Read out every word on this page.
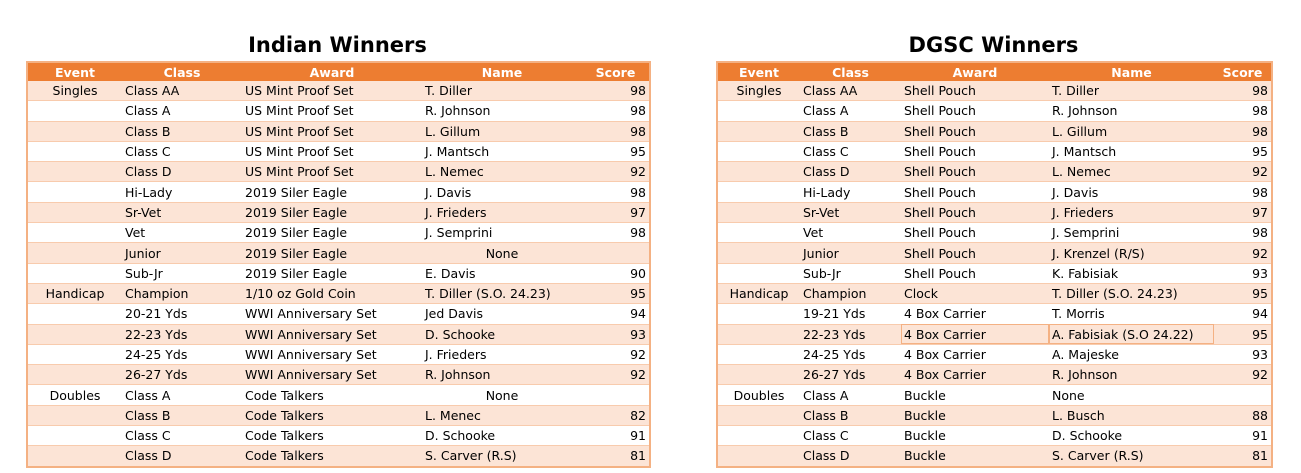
Indian Winners
Event	Class	Award	Name	Score
Singles	Class AA	US Mint Proof Set	T. Diller	98
	Class A	US Mint Proof Set	R. Johnson	98
	Class B	US Mint Proof Set	L. Gillum	98
	Class C	US Mint Proof Set	J. Mantsch	95
	Class D	US Mint Proof Set	L. Nemec	92
	Hi-Lady	2019 Siler Eagle	J. Davis	98
	Sr-Vet	2019 Siler Eagle	J. Frieders	97
	Vet	2019 Siler Eagle	J. Semprini	98
	Junior	2019 Siler Eagle	None	
	Sub-Jr	2019 Siler Eagle	E. Davis	90
Handicap	Champion	1/10 oz Gold Coin	T. Diller (S.O. 24.23)	95
	20-21 Yds	WWI Anniversary Set	Jed Davis	94
	22-23 Yds	WWI Anniversary Set	D. Schooke	93
	24-25 Yds	WWI Anniversary Set	J. Frieders	92
	26-27 Yds	WWI Anniversary Set	R. Johnson	92
Doubles	Class A	Code Talkers	None	
	Class B	Code Talkers	L. Menec	82
	Class C	Code Talkers	D. Schooke	91
	Class D	Code Talkers	S. Carver (R.S)	81
DGSC Winners
Event	Class	Award	Name	Score
Singles	Class AA	Shell Pouch	T. Diller	98
	Class A	Shell Pouch	R. Johnson	98
	Class B	Shell Pouch	L. Gillum	98
	Class C	Shell Pouch	J. Mantsch	95
	Class D	Shell Pouch	L. Nemec	92
	Hi-Lady	Shell Pouch	J. Davis	98
	Sr-Vet	Shell Pouch	J. Frieders	97
	Vet	Shell Pouch	J. Semprini	98
	Junior	Shell Pouch	J. Krenzel (R/S)	92
	Sub-Jr	Shell Pouch	K. Fabisiak	93
Handicap	Champion	Clock	T. Diller (S.O. 24.23)	95
	19-21 Yds	4 Box Carrier	T. Morris	94
	22-23 Yds	4 Box Carrier	A. Fabisiak (S.O 24.22)	95
	24-25 Yds	4 Box Carrier	A. Majeske	93
	26-27 Yds	4 Box Carrier	R. Johnson	92
Doubles	Class A	Buckle	None	
	Class B	Buckle	L. Busch	88
	Class C	Buckle	D. Schooke	91
	Class D	Buckle	S. Carver (R.S)	81
